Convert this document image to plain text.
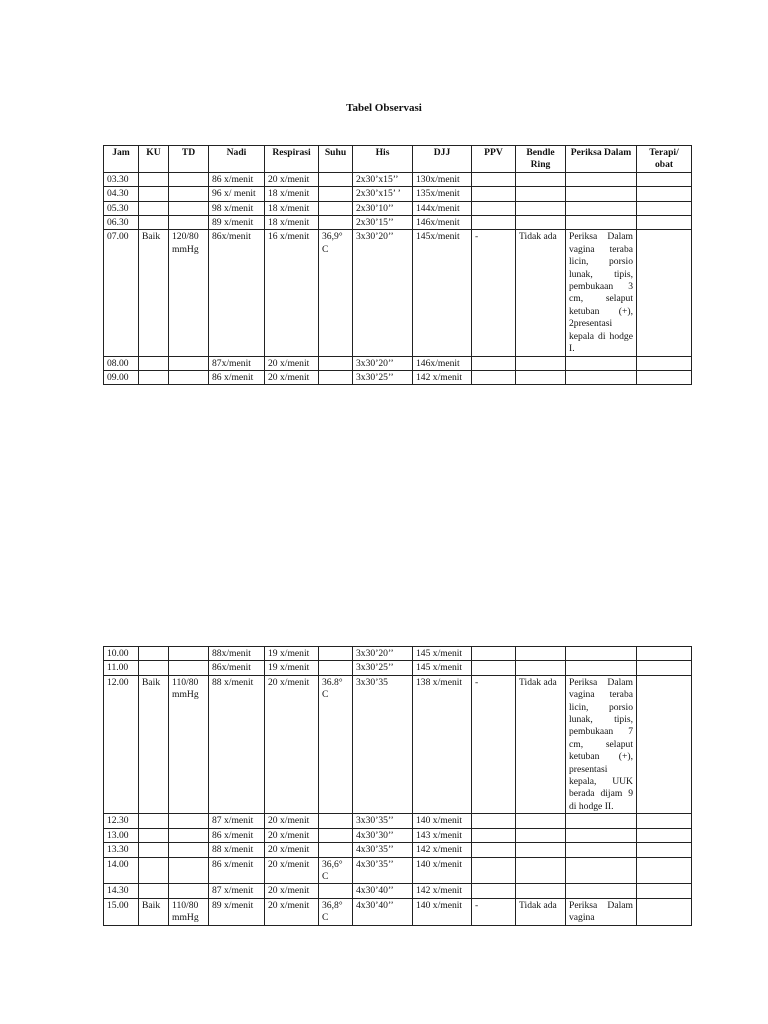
Tabel Observasi
Jam	KU	TD	Nadi	Respirasi	Suhu	His	DJJ	PPV	Bendle Ring	Periksa Dalam	Terapi/ obat
03.30			86 x/menit	20 x/menit		2x30’x15’’	130x/menit				
04.30			96 x/ menit	18 x/menit		2x30’x15’ ’	135x/menit				
05.30			98 x/menit	18 x/menit		2x30’10’’	144x/menit				
06.30			89 x/menit	18 x/menit		2x30’15’’	146x/menit				
07.00	Baik	120/80 mmHg	86x/menit	16 x/menit	36,9° C	3x30’20’’	145x/menit	-	Tidak ada	Periksa Dalam vagina teraba licin, porsio lunak, tipis, pembukaan 3 cm, selaput ketuban (+), 2presentasi kepala di hodge I.	
08.00			87x/menit	20 x/menit		3x30’20’’	146x/menit				
09.00			86 x/menit	20 x/menit		3x30’25’’	142 x/menit				
10.00			88x/menit	19 x/menit		3x30’20’’	145 x/menit				
11.00			86x/menit	19 x/menit		3x30’25’’	145 x/menit				
12.00	Baik	110/80 mmHg	88 x/menit	20 x/menit	36.8° C	3x30’35	138 x/menit	-	Tidak ada	Periksa Dalam vagina teraba licin, porsio lunak, tipis, pembukaan 7 cm, selaput ketuban (+), presentasi kepala, UUK berada dijam 9 di hodge II.	
12.30			87 x/menit	20 x/menit		3x30’35’’	140 x/menit				
13.00			86 x/menit	20 x/menit		4x30’30’’	143 x/menit				
13.30			88 x/menit	20 x/menit		4x30’35’’	142 x/menit				
14.00			86 x/menit	20 x/menit	36,6° C	4x30’35’’	140 x/menit				
14.30			87 x/menit	20 x/menit		4x30’40’’	142 x/menit				
15.00	Baik	110/80 mmHg	89 x/menit	20 x/menit	36,8° C	4x30’40’’	140 x/menit	-	Tidak ada	Periksa Dalam vagina	
